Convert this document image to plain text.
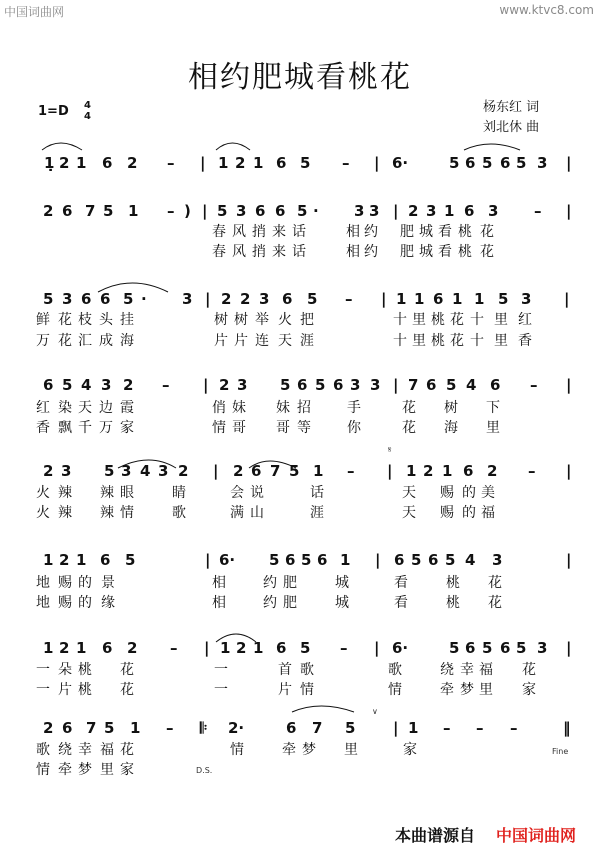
中国词曲网	www.ktvc8.com
相约肥城看桃花
1=D 4
4
杨东红 词
刘北休 曲
1̣ 2 1 6 2 – | 1 2 1 6 5 – | 6·	5 6 5 6 5 3 |
2 6 7 5 1 – ) | 5 3 6 6 5 · 3 3 | 2 3 1 6 3 – |
春 风 捎 来 话	相 约 肥 城 看 桃 花
春 风 捎 来 话	相 约 肥 城 看 桃 花
5 3 6 6 5 · 3 | 2 2 3 6 5 – | 1 1 6 1 1 5 3 |
鲜 花 枝 头 挂	树 树 举 火 把	十 里 桃 花 十 里 红
万 花 汇 成 海	片 片 连 天 涯	十 里 桃 花 十 里 香
6 5 4 3 2 – | 2 3 5 6 5 6 3 3 | 7 6 5 4 6 – |
红 染 天 边 霞	俏 妹 妹 招	手	花 树 下
香 飘 千 万 家	情 哥 哥 等	你	花 海 里
2 3 5 3 4 3 2 | 2 6 7 5 1 – | 1 2 1 6 2 – |
火 辣 辣 眼	睛	会 说	话	天 赐 的 美
火 辣 辣 情	歌	满 山	涯	天 赐 的 福
1 2 1 6 5	| 6· 5 6 5 6 1 | 6 5 6 5 4 3	|
地 赐 的 景	相	约 肥	城	看	桃 花
地 赐 的 缘	相	约 肥	城	看	桃 花
1 2 1 6 2 – | 1 2 1 6 5 – | 6·	5 6 5 6 5 3 |
一 朵 桃 花	一	首 歌	歌	绕 幸 福 花
一 片 桃 花	一	片 情	情	牵 梦 里 家
2 6 7 5 1 – 𝄆 2·	6 7 5	| 1 – – –	‖
歌 绕 幸 福 花	情	牵 梦 里	家
情 牵 梦 里 家
𝄋
∨
Fine
D.S.
本曲谱源自 中国词曲网
